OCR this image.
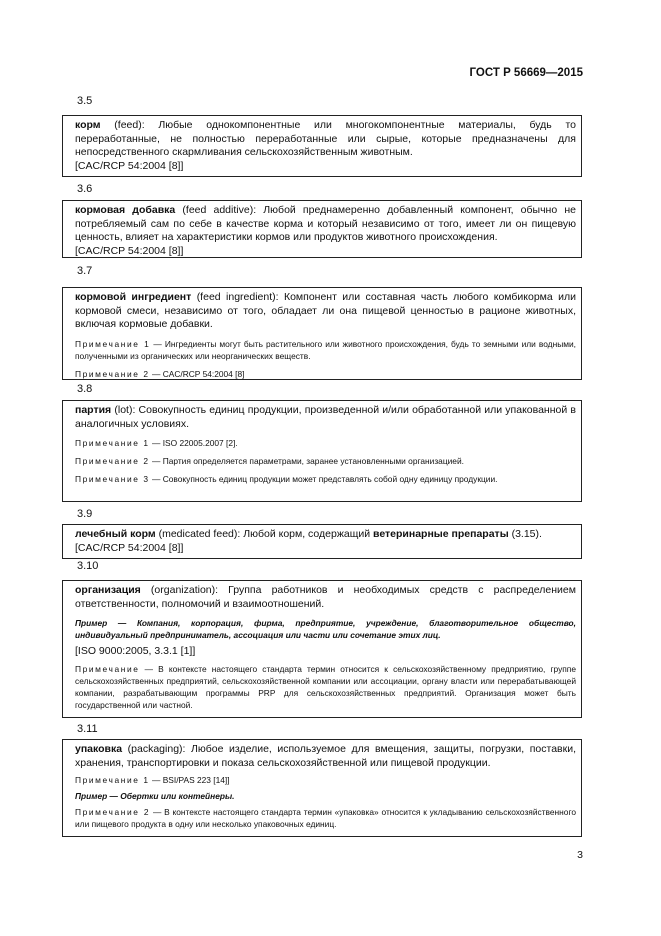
ГОСТ Р 56669—2015
3.5

корм (feed): Любые однокомпонентные или многокомпонентные материалы, будь то переработанные, не полностью переработанные или сырые, которые предназначены для непосредственного скармливания сельскохозяйственным животным.

[CAC/RCP 54:2004 [8]]

3.6

кормовая добавка (feed additive): Любой преднамеренно добавленный компонент, обычно не потребляемый сам по себе в качестве корма и который независимо от того, имеет ли он пищевую ценность, влияет на характеристики кормов или продуктов животного происхождения.

[CAC/RCP 54:2004 [8]]

3.7

кормовой ингредиент (feed ingredient): Компонент или составная часть любого комбикорма или кормовой смеси, независимо от того, обладает ли она пищевой ценностью в рационе животных, включая кормовые добавки.

Примечание 1 — Ингредиенты могут быть растительного или животного происхождения, будь то земными или водными, полученными из органических или неорганических веществ.

Примечание 2 — CAC/RCP 54:2004 [8]

3.8

партия (lot): Совокупность единиц продукции, произведенной и/или обработанной или упакованной в аналогичных условиях.

Примечание 1 — ISO 22005.2007 [2].

Примечание 2 — Партия определяется параметрами, заранее установленными организацией.

Примечание 3 — Совокупность единиц продукции может представлять собой одну единицу продукции.

3.9

лечебный корм (medicated feed): Любой корм, содержащий ветеринарные препараты (3.15).

[CAC/RCP 54:2004 [8]]

3.10

организация (organization): Группа работников и необходимых средств с распределением ответственности, полномочий и взаимоотношений.

Пример — Компания, корпорация, фирма, предприятие, учреждение, благотворительное общество, индивидуальный предприниматель, ассоциация или части или сочетание этих лиц.

[ISO 9000:2005, 3.3.1 [1]]

Примечание — В контексте настоящего стандарта термин относится к сельскохозяйственному предприятию, группе сельскохозяйственных предприятий, сельскохозяйственной компании или ассоциации, органу власти или перерабатывающей компании, разрабатывающим программы PRP для сельскохозяйственных предприятий. Организация может быть государственной или частной.

3.11

упаковка (packaging): Любое изделие, используемое для вмещения, защиты, погрузки, поставки, хранения, транспортировки и показа сельскохозяйственной или пищевой продукции.

Примечание 1 — BSI/PAS 223 [14]]

Пример — Обертки или контейнеры.

Примечание 2 — В контексте настоящего стандарта термин «упаковка» относится к укладыванию сельскохозяйственного или пищевого продукта в одну или несколько упаковочных единиц.

3
